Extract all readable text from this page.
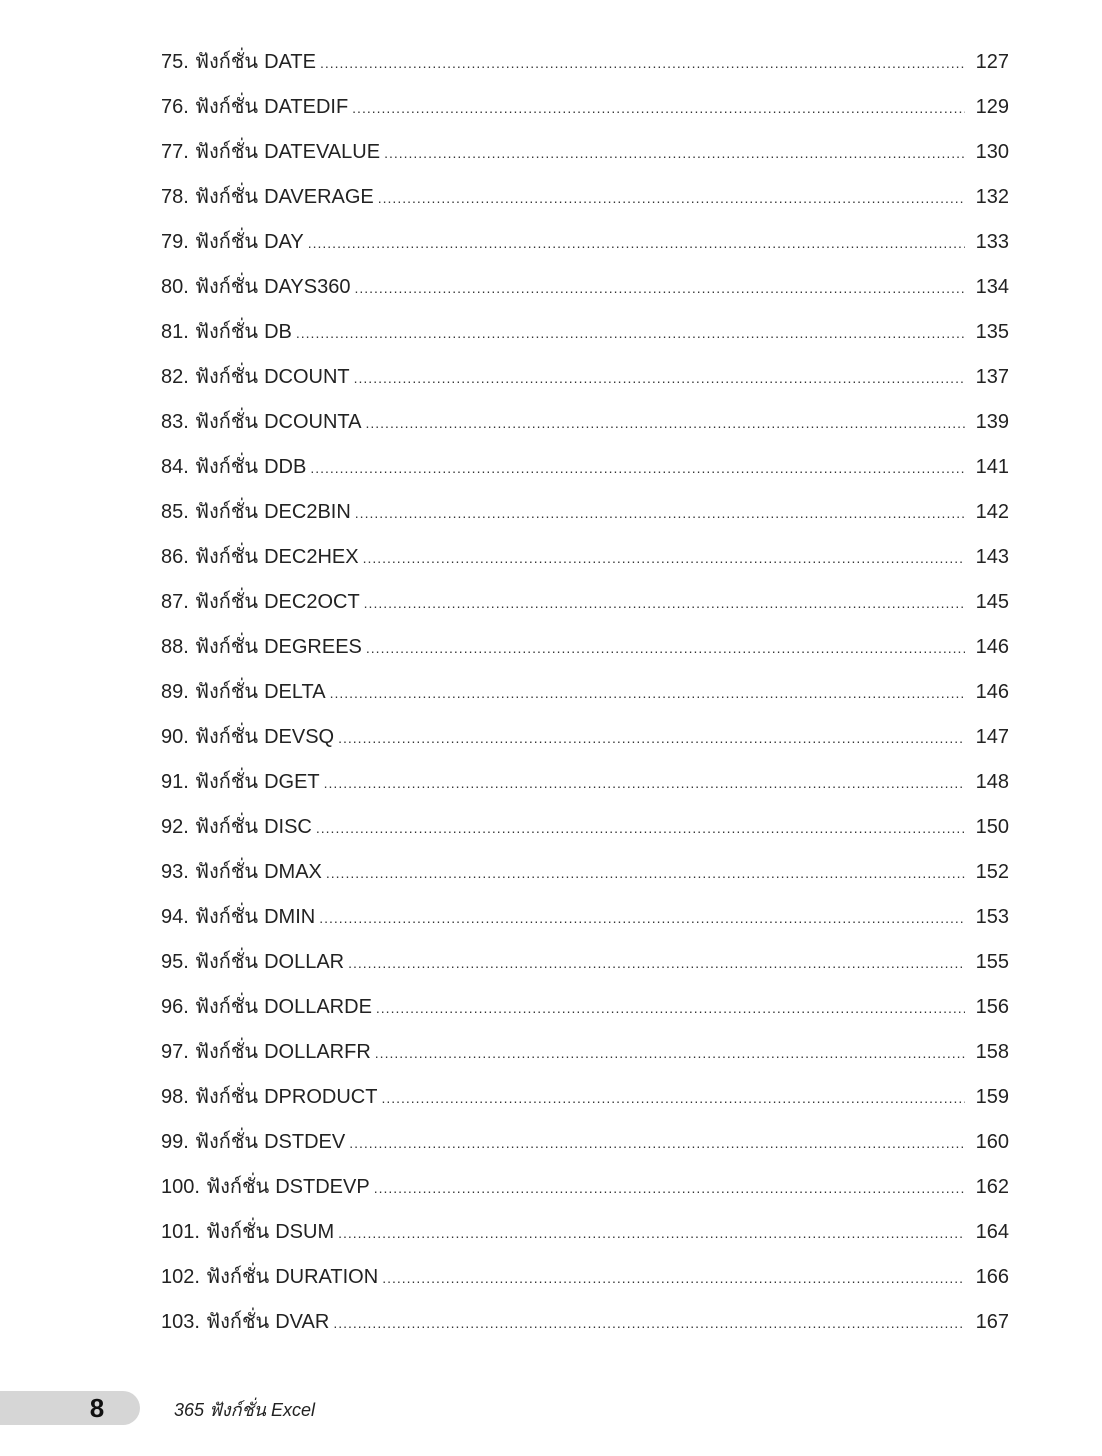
75. ฟังก์ชั่น DATE .....	127
76. ฟังก์ชั่น DATEDIF .....	129
77. ฟังก์ชั่น DATEVALUE .....	130
78. ฟังก์ชั่น DAVERAGE .....	132
79. ฟังก์ชั่น DAY .....	133
80. ฟังก์ชั่น DAYS360 .....	134
81. ฟังก์ชั่น DB .....	135
82. ฟังก์ชั่น DCOUNT .....	137
83. ฟังก์ชั่น DCOUNTA .....	139
84. ฟังก์ชั่น DDB .....	141
85. ฟังก์ชั่น DEC2BIN .....	142
86. ฟังก์ชั่น DEC2HEX .....	143
87. ฟังก์ชั่น DEC2OCT .....	145
88. ฟังก์ชั่น DEGREES .....	146
89. ฟังก์ชั่น DELTA .....	146
90. ฟังก์ชั่น DEVSQ .....	147
91. ฟังก์ชั่น DGET .....	148
92. ฟังก์ชั่น DISC .....	150
93. ฟังก์ชั่น DMAX .....	152
94. ฟังก์ชั่น DMIN .....	153
95. ฟังก์ชั่น DOLLAR .....	155
96. ฟังก์ชั่น DOLLARDE .....	156
97. ฟังก์ชั่น DOLLARFR .....	158
98. ฟังก์ชั่น DPRODUCT .....	159
99. ฟังก์ชั่น DSTDEV .....	160
100. ฟังก์ชั่น DSTDEVP .....	162
101. ฟังก์ชั่น DSUM .....	164
102. ฟังก์ชั่น DURATION .....	166
103. ฟังก์ชั่น DVAR .....	167
8	365 ฟังก์ชั่น Excel
